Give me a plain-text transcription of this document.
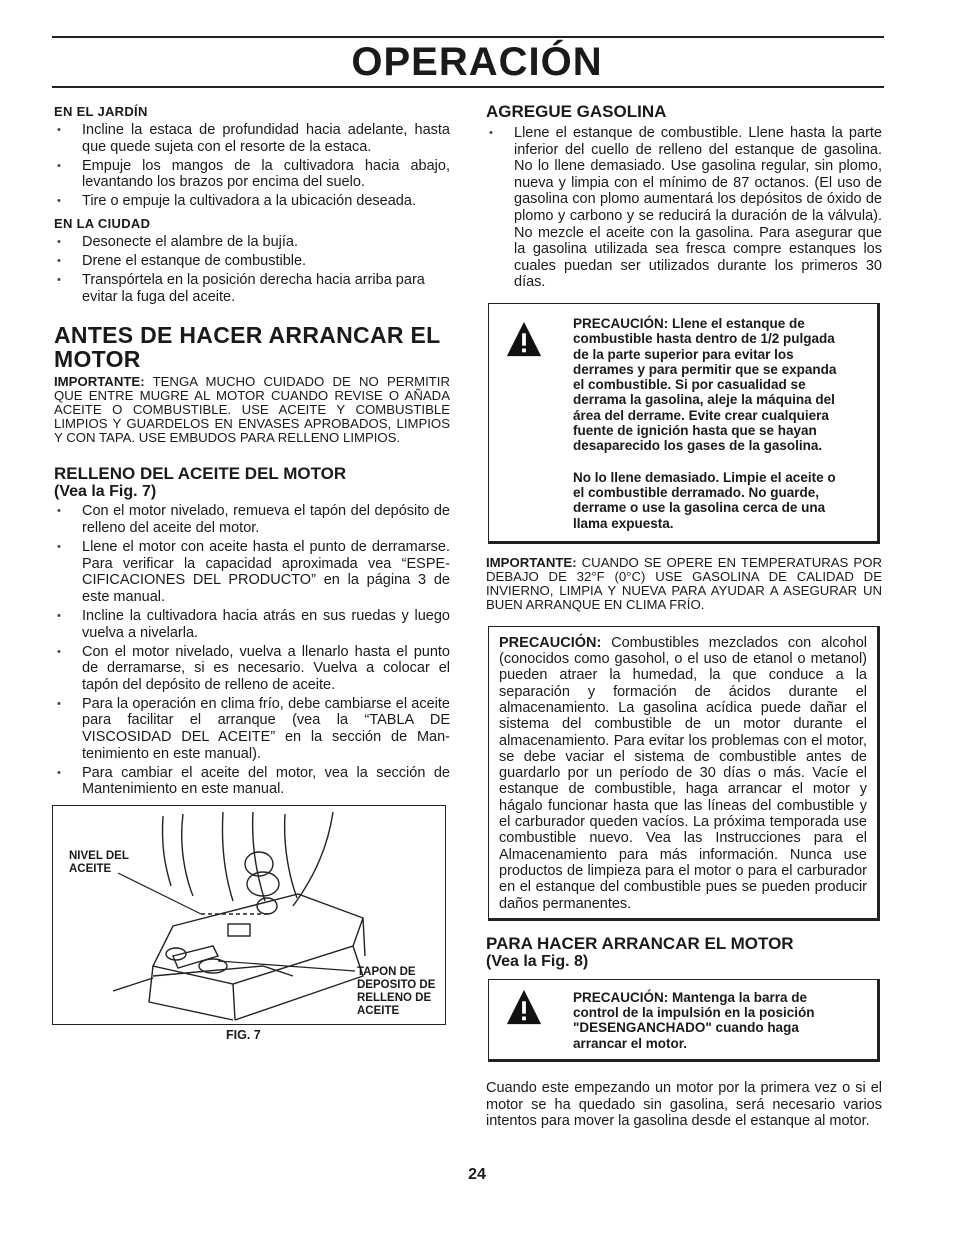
OPERACIÓN
EN EL JARDÍN
• Incline la estaca de profundidad hacia adelante, hasta que quede sujeta con el resorte de la estaca.
• Empuje los mangos de la cultivadora hacia abajo, levantando los brazos por encima del suelo.
• Tire o empuje la cultivadora a la ubicación deseada.
EN LA CIUDAD
• Desonecte el alambre de la bujía.
• Drene el estanque de combustible.
• Transpórtela en la posición derecha hacia arriba para evitar la fuga del aceite.
ANTES DE HACER ARRANCAR EL MOTOR

IMPORTANTE: TENGA MUCHO CUIDADO DE NO PERMITIR QUE ENTRE MUGRE AL MOTOR CUANDO REVISE O AÑADA ACEITE O COMBUSTIBLE. USE ACEITE Y COMBUSTIBLE LIMPIOS Y GUARDELOS EN ENVASES APROBADOS, LIMPIOS Y CON TAPA. USE EMBUDOS PARA RELLENO LIMPIOS.

RELLENO DEL ACEITE DEL MOTOR
(Vea la Fig. 7)
• Con el motor nivelado, remueva el tapón del depósito de relleno del aceite del motor.
• Llene el motor con aceite hasta el punto de derramarse. Para verificar la capacidad aproximada vea “ESPE-CIFICACIONES DEL PRODUCTO” en la página 3 de este manual.
• Incline la cultivadora hacia atrás en sus ruedas y luego vuelva a nivelarla.
• Con el motor nivelado, vuelva a llenarlo hasta el punto de derramarse, si es necesario. Vuelva a colocar el tapón del depósito de relleno de aceite.
• Para la operación en clima frío, debe cambiarse el aceite para facilitar el arranque (vea la “TABLA DE VISCOSIDAD DEL ACEITE” en la sección de Man-tenimiento en este manual).
• Para cambiar el aceite del motor, vea la sección de Mantenimiento en este manual.
NIVEL DEL ACEITE
TAPON DE DEPOSITO DE RELLENO DE ACEITE
FIG. 7
AGREGUE GASOLINA
• Llene el estanque de combustible. Llene hasta la parte inferior del cuello de relleno del estanque de gasolina. No lo llene demasiado. Use gasolina regular, sin plomo, nueva y limpia con el mínimo de 87 octanos. (El uso de gasolina con plomo aumentará los depósitos de óxido de plomo y carbono y se reducirá la duración de la válvula). No mezcle el aceite con la gasolina. Para asegurar que la gasolina utilizada sea fresca compre estanques los cuales puedan ser utilizados durante los primeros 30 días.
PRECAUCIÓN: Llene el estanque de combustible hasta dentro de 1/2 pulgada de la parte superior para evitar los derrames y para permitir que se expanda el combustible. Si por casualidad se derrama la gasolina, aleje la máquina del área del derrame. Evite crear cualquiera fuente de ignición hasta que se hayan desaparecido los gases de la gasolina.
No lo llene demasiado. Limpie el aceite o el combustible derramado. No guarde, derrame o use la gasolina cerca de una llama expuesta.

IMPORTANTE: CUANDO SE OPERE EN TEMPERATURAS POR DEBAJO DE 32°F (0°C) USE GASOLINA DE CALIDAD DE INVIERNO, LIMPIA Y NUEVA PARA AYUDAR A ASEGURAR UN BUEN ARRANQUE EN CLIMA FRÍO.

PRECAUCIÓN: Combustibles mezclados con alcohol (conocidos como gasohol, o el uso de etanol o metanol) pueden atraer la humedad, la que conduce a la separación y formación de ácidos durante el almacenamiento. La gasolina acídica puede dañar el sistema del combustible de un motor durante el almacenamiento. Para evitar los problemas con el motor, se debe vaciar el sistema de combustible antes de guardarlo por un período de 30 días o más. Vacíe el estanque de combustible, haga arrancar el motor y hágalo funcionar hasta que las líneas del combustible y el carburador queden vacíos. La próxima temporada use combustible nuevo. Vea las Instrucciones para el Almacenamiento para más información. Nunca use productos de limpieza para el motor o para el carburador en el estanque del combustible pues se pueden producir daños permanentes.
PARA HACER ARRANCAR EL MOTOR
(Vea la Fig. 8)
PRECAUCIÓN: Mantenga la barra de control de la impulsión en la posición "DESENGANCHADO" cuando haga arrancar el motor.

Cuando este empezando un motor por la primera vez o si el motor se ha quedado sin gasolina, será necesario varios intentos para mover la gasolina desde el estanque al motor.

24
